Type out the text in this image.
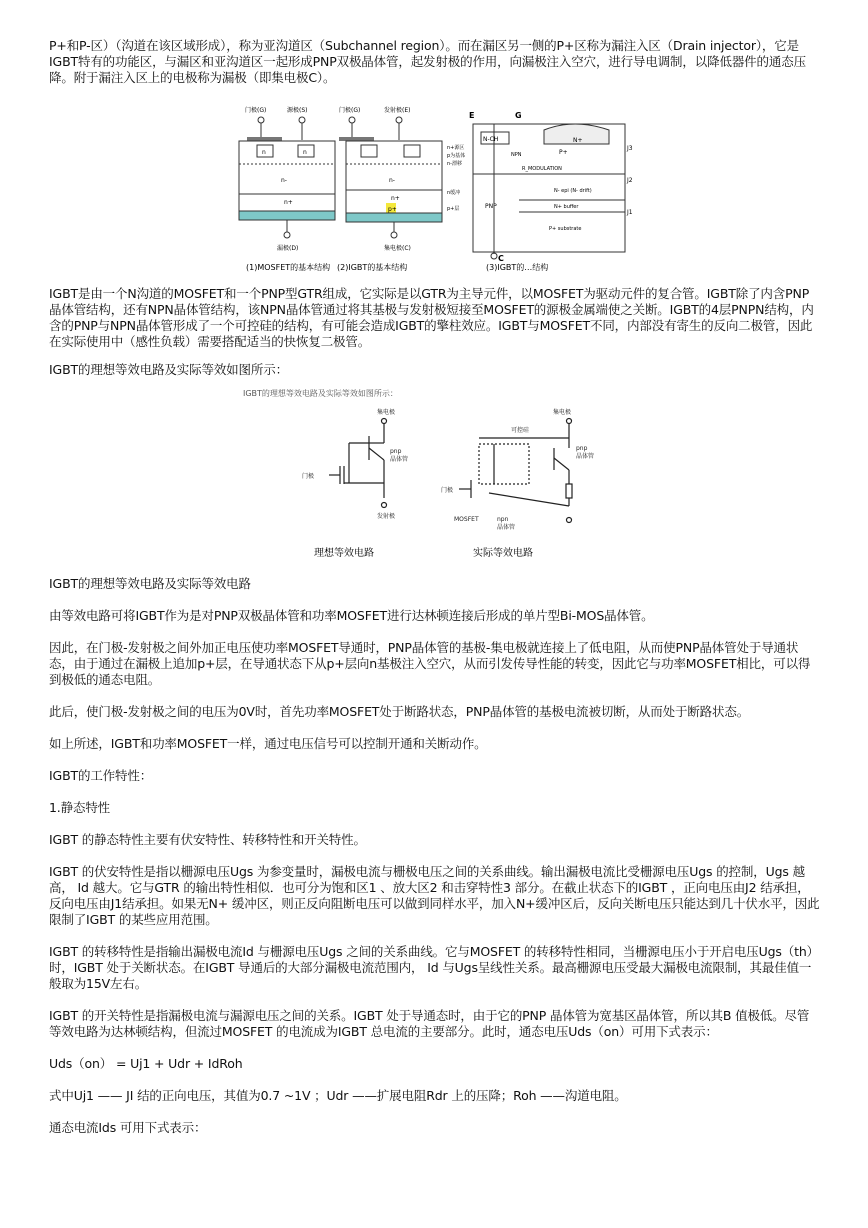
P+和P-区）（沟道在该区域形成），称为亚沟道区（Subchannel region）。而在漏区另一侧的P+区称为漏注入区（Drain injector），它是IGBT特有的功能区，与漏区和亚沟道区一起形成PNP双极晶体管，起发射极的作用，向漏极注入空穴，进行导电调制，以降低器件的通态压降。附于漏注入区上的电极称为漏极（即集电极C）。

门极(G)	源极(S)
n	n
n-
n+
漏极(D)
门极(G)	发射极(E)
n-
n+
p+
集电极(C)
n+源区
p为基体
n-漂移
n缓冲
p+层
E	G
N-CH
NPN
N+
P+
J3
J2
J1
R_MODULATION
N- epi (N- drift)
N+ buffer
P+ substrate
PNP
C
(1)MOSFET的基本结构 (2)IGBT的基本结构	(3)IGBT的…结构

IGBT是由一个N沟道的MOSFET和一个PNP型GTR组成，它实际是以GTR为主导元件，以MOSFET为驱动元件的复合管。IGBT除了内含PNP晶体管结构，还有NPN晶体管结构，该NPN晶体管通过将其基极与发射极短接至MOSFET的源极金属端使之关断。IGBT的4层PNPN结构，内含的PNP与NPN晶体管形成了一个可控硅的结构，有可能会造成IGBT的擎柱效应。IGBT与MOSFET不同，内部没有寄生的反向二极管，因此在实际使用中（感性负载）需要搭配适当的快恢复二极管。

IGBT的理想等效电路及实际等效如图所示：

IGBT的理想等效电路及实际等效如图所示：
集电极
pnp
晶体管
门极
发射极
集电极
可控硅
pnp
晶体管
门极
MOSFET	npn
晶体管
理想等效电路	实际等效电路

IGBT的理想等效电路及实际等效电路

由等效电路可将IGBT作为是对PNP双极晶体管和功率MOSFET进行达林顿连接后形成的单片型Bi-MOS晶体管。

因此，在门极-发射极之间外加正电压使功率MOSFET导通时，PNP晶体管的基极-集电极就连接上了低电阻，从而使PNP晶体管处于导通状态，由于通过在漏极上追加p+层，在导通状态下从p+层向n基极注入空穴，从而引发传导性能的转变，因此它与功率MOSFET相比，可以得到极低的通态电阻。

此后，使门极-发射极之间的电压为0V时，首先功率MOSFET处于断路状态，PNP晶体管的基极电流被切断，从而处于断路状态。

如上所述，IGBT和功率MOSFET一样，通过电压信号可以控制开通和关断动作。

IGBT的工作特性：

1.静态特性

IGBT 的静态特性主要有伏安特性、转移特性和开关特性。

IGBT 的伏安特性是指以栅源电压Ugs 为参变量时，漏极电流与栅极电压之间的关系曲线。输出漏极电流比受栅源电压Ugs 的控制，Ugs 越高， Id 越大。它与GTR 的输出特性相似．也可分为饱和区1 、放大区2 和击穿特性3 部分。在截止状态下的IGBT ，正向电压由J2 结承担，反向电压由J1结承担。如果无N+ 缓冲区，则正反向阻断电压可以做到同样水平，加入N+缓冲区后，反向关断电压只能达到几十伏水平，因此限制了IGBT 的某些应用范围。

IGBT 的转移特性是指输出漏极电流Id 与栅源电压Ugs 之间的关系曲线。它与MOSFET 的转移特性相同，当栅源电压小于开启电压Ugs（th）时，IGBT 处于关断状态。在IGBT 导通后的大部分漏极电流范围内， Id 与Ugs呈线性关系。最高栅源电压受最大漏极电流限制，其最佳值一般取为15V左右。

IGBT 的开关特性是指漏极电流与漏源电压之间的关系。IGBT 处于导通态时，由于它的PNP 晶体管为宽基区晶体管，所以其B 值极低。尽管等效电路为达林顿结构，但流过MOSFET 的电流成为IGBT 总电流的主要部分。此时，通态电压Uds（on）可用下式表示：

Uds（on） = Uj1 + Udr + IdRoh

式中Uj1 —— JI 结的正向电压，其值为0.7 ~1V ；Udr ——扩展电阻Rdr 上的压降；Roh ——沟道电阻。

通态电流Ids 可用下式表示：
